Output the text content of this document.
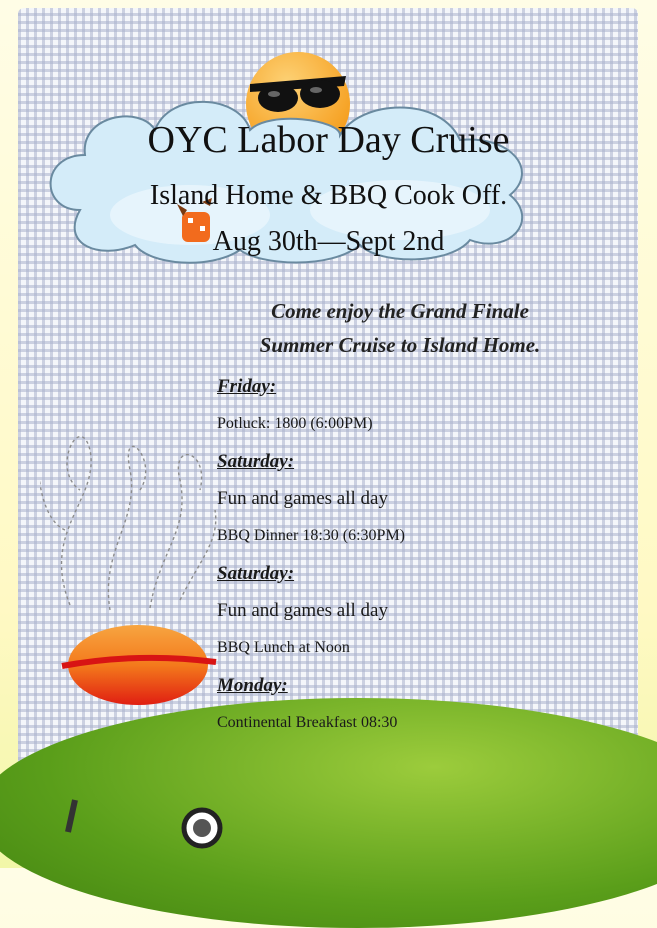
OYC Labor Day Cruise
Island Home & BBQ Cook Off.
Aug 30th—Sept 2nd
Come enjoy the Grand Finale
Summer Cruise to Island Home.
Friday:
Potluck: 1800 (6:00PM)
Saturday:
Fun and games all day
BBQ Dinner 18:30 (6:30PM)
Saturday:
Fun and games all day
BBQ Lunch at Noon
Monday:
Continental Breakfast 08:30
